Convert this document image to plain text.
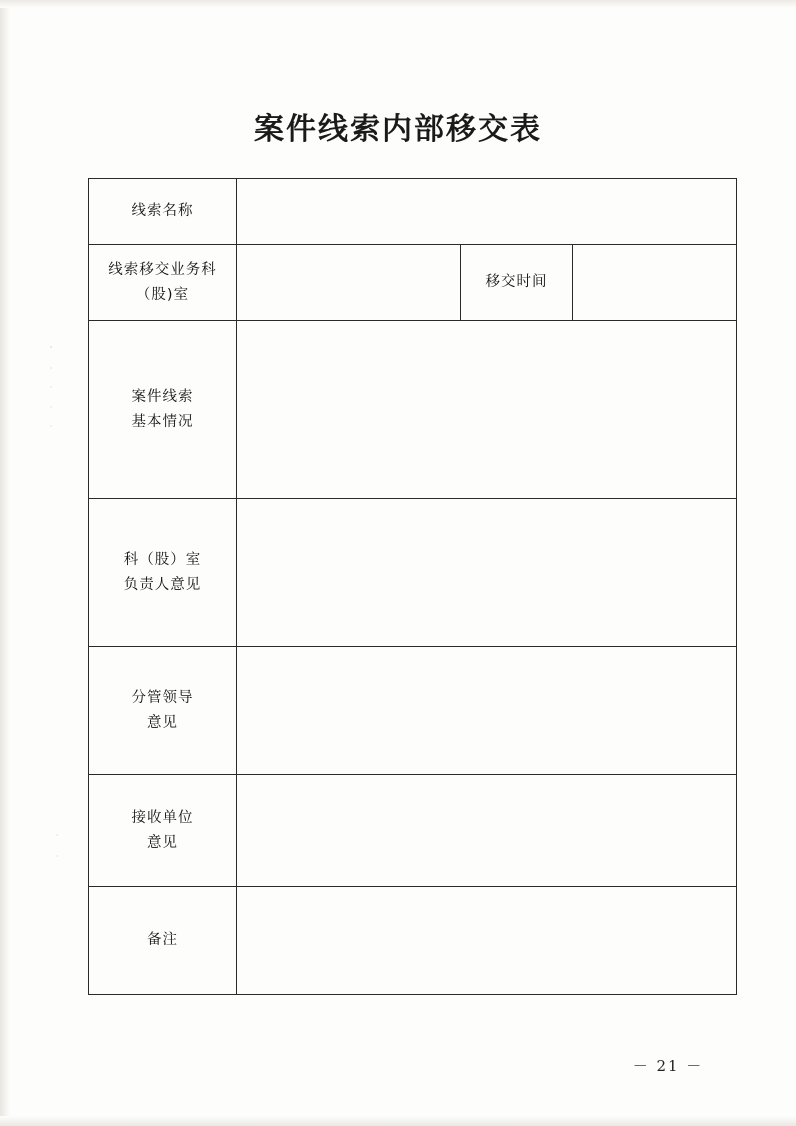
案件线索内部移交表
ʼ
·
·
·
·
·
·
线索名称			

线索移交业务科
（股)室		移交时间	

案件线索
基本情况			

科（股）室
负责人意见			

分管领导
意见			

接收单位
意见			

备注			
－ 21 －
